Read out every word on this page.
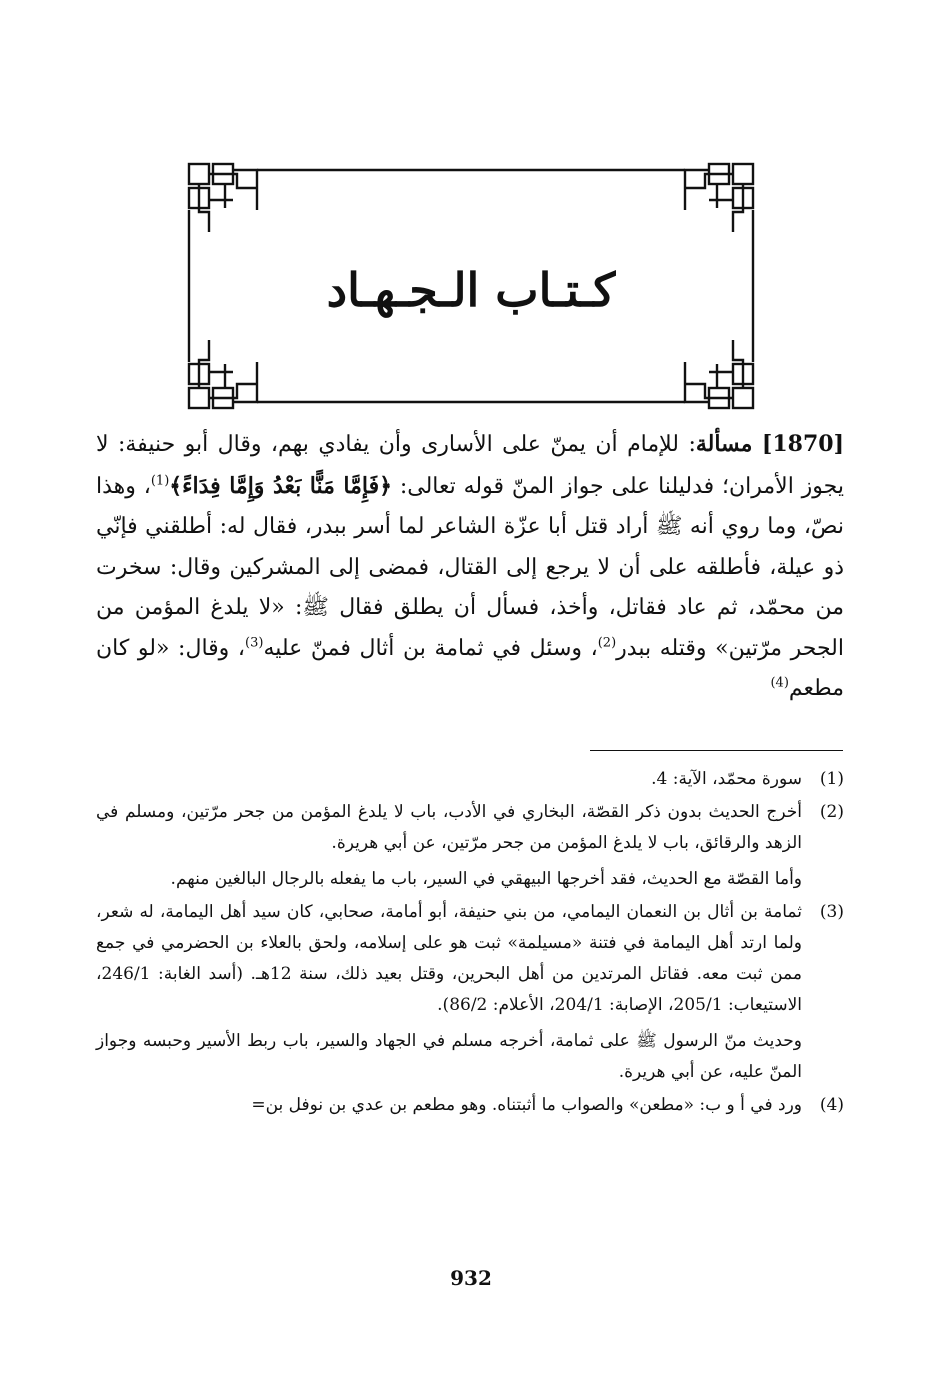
كـتـاب الـجـهـاد
[1870] مسألة: للإمام أن يمنّ على الأسارى وأن يفادي بهم، وقال أبو حنيفة: لا يجوز الأمران؛ فدليلنا على جواز المنّ قوله تعالى: ﴿فَإِمَّا مَنًّا بَعْدُ وَإِمَّا فِدَاءً﴾$^{(1)}$، وهذا نصّ، وما روي أنه ﷺ أراد قتل أبا عزّة الشاعر لما أسر ببدر، فقال له: أطلقني فإنّي ذو عيلة، فأطلقه على أن لا يرجع إلى القتال، فمضى إلى المشركين وقال: سخرت من محمّد، ثم عاد فقاتل، وأخذ، فسأل أن يطلق فقال ﷺ: «لا يلدغ المؤمن من الجحر مرّتين» وقتله ببدر$^{(2)}$، وسئل في ثمامة بن أثال فمنّ عليه$^{(3)}$، وقال: «لو كان مطعم$^{(4)}$
(1)

سورة محمّد، الآية: 4.

(2)

أخرج الحديث بدون ذكر القصّة، البخاري في الأدب، باب لا يلدغ المؤمن من جحر مرّتين، ومسلم في الزهد والرقائق، باب لا يلدغ المؤمن من جحر مرّتين، عن أبي هريرة.

وأما القصّة مع الحديث، فقد أخرجها البيهقي في السير، باب ما يفعله بالرجال البالغين منهم.

(3)

ثمامة بن أثال بن النعمان اليمامي، من بني حنيفة، أبو أمامة، صحابي، كان سيد أهل اليمامة، له شعر، ولما ارتد أهل اليمامة في فتنة «مسيلمة» ثبت هو على إسلامه، ولحق بالعلاء بن الحضرمي في جمع ممن ثبت معه. فقاتل المرتدين من أهل البحرين، وقتل بعيد ذلك، سنة 12هـ. (أسد الغابة: 246/1، الاستيعاب: 205/1، الإصابة: 204/1، الأعلام: 86/2).

وحديث منّ الرسول ﷺ على ثمامة، أخرجه مسلم في الجهاد والسير، باب ربط الأسير وحبسه وجواز المنّ عليه، عن أبي هريرة.

(4)

ورد في أ و ب: «مطعن» والصواب ما أثبتناه. وهو مطعم بن عدي بن نوفل بن=

932
